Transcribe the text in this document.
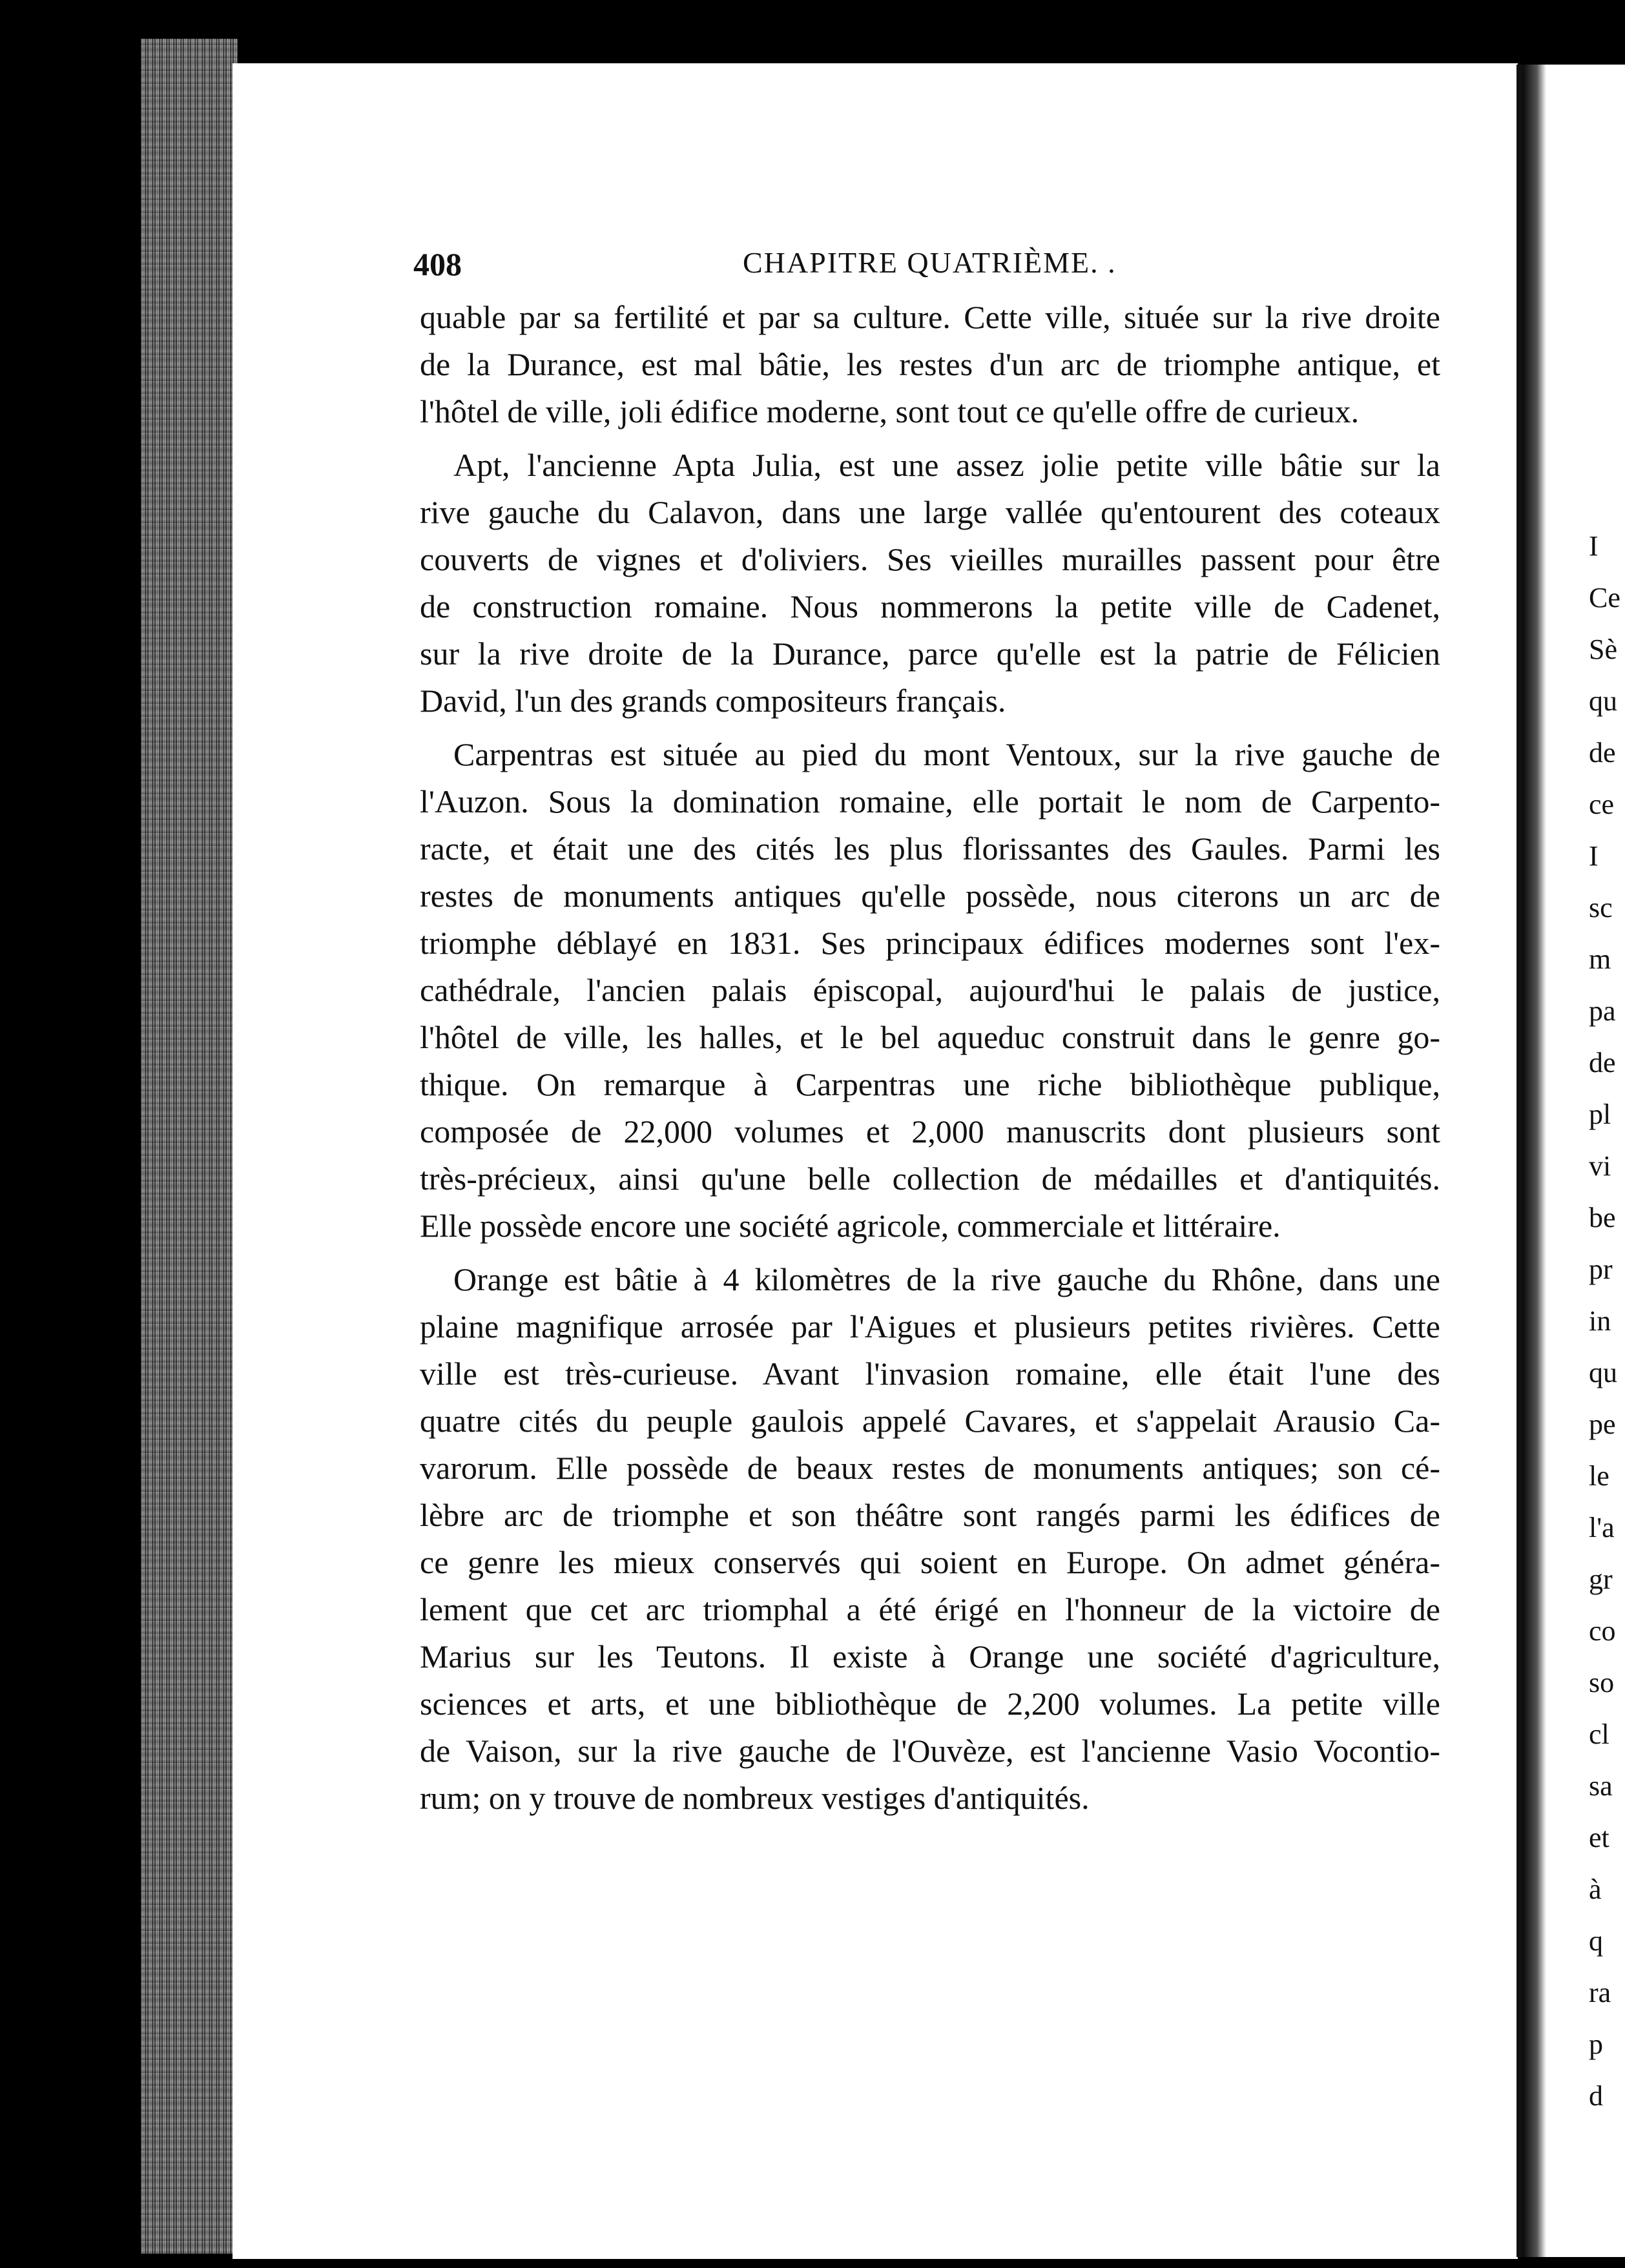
408	CHAPITRE QUATRIÈME. .
quable par sa fertilité et par sa culture. Cette ville, située sur la rive droite
de la Durance, est mal bâtie, les restes d'un arc de triomphe antique, et
l'hôtel de ville, joli édifice moderne, sont tout ce qu'elle offre de curieux.
Apt, l'ancienne Apta Julia, est une assez jolie petite ville bâtie sur la
rive gauche du Calavon, dans une large vallée qu'entourent des coteaux
couverts de vignes et d'oliviers. Ses vieilles murailles passent pour être
de construction romaine. Nous nommerons la petite ville de Cadenet,
sur la rive droite de la Durance, parce qu'elle est la patrie de Félicien
David, l'un des grands compositeurs français.
Carpentras est située au pied du mont Ventoux, sur la rive gauche de
l'Auzon. Sous la domination romaine, elle portait le nom de Carpento-
racte, et était une des cités les plus florissantes des Gaules. Parmi les
restes de monuments antiques qu'elle possède, nous citerons un arc de
triomphe déblayé en 1831. Ses principaux édifices modernes sont l'ex-
cathédrale, l'ancien palais épiscopal, aujourd'hui le palais de justice,
l'hôtel de ville, les halles, et le bel aqueduc construit dans le genre go-
thique. On remarque à Carpentras une riche bibliothèque publique,
composée de 22,000 volumes et 2,000 manuscrits dont plusieurs sont
très-précieux, ainsi qu'une belle collection de médailles et d'antiquités.
Elle possède encore une société agricole, commerciale et littéraire.
Orange est bâtie à 4 kilomètres de la rive gauche du Rhône, dans une
plaine magnifique arrosée par l'Aigues et plusieurs petites rivières. Cette
ville est très-curieuse. Avant l'invasion romaine, elle était l'une des
quatre cités du peuple gaulois appelé Cavares, et s'appelait Arausio Ca-
varorum. Elle possède de beaux restes de monuments antiques; son cé-
lèbre arc de triomphe et son théâtre sont rangés parmi les édifices de
ce genre les mieux conservés qui soient en Europe. On admet généra-
lement que cet arc triomphal a été érigé en l'honneur de la victoire de
Marius sur les Teutons. Il existe à Orange une société d'agriculture,
sciences et arts, et une bibliothèque de 2,200 volumes. La petite ville
de Vaison, sur la rive gauche de l'Ouvèze, est l'ancienne Vasio Vocontio-
rum; on y trouve de nombreux vestiges d'antiquités.
I
Ce
Sè
qu
de
ce
I
sc
m
pa
de
pl
vi
be
pr
in
qu
pe
le
l'a
gr
co
so
cl
sa
et
à
q
ra
p
d
